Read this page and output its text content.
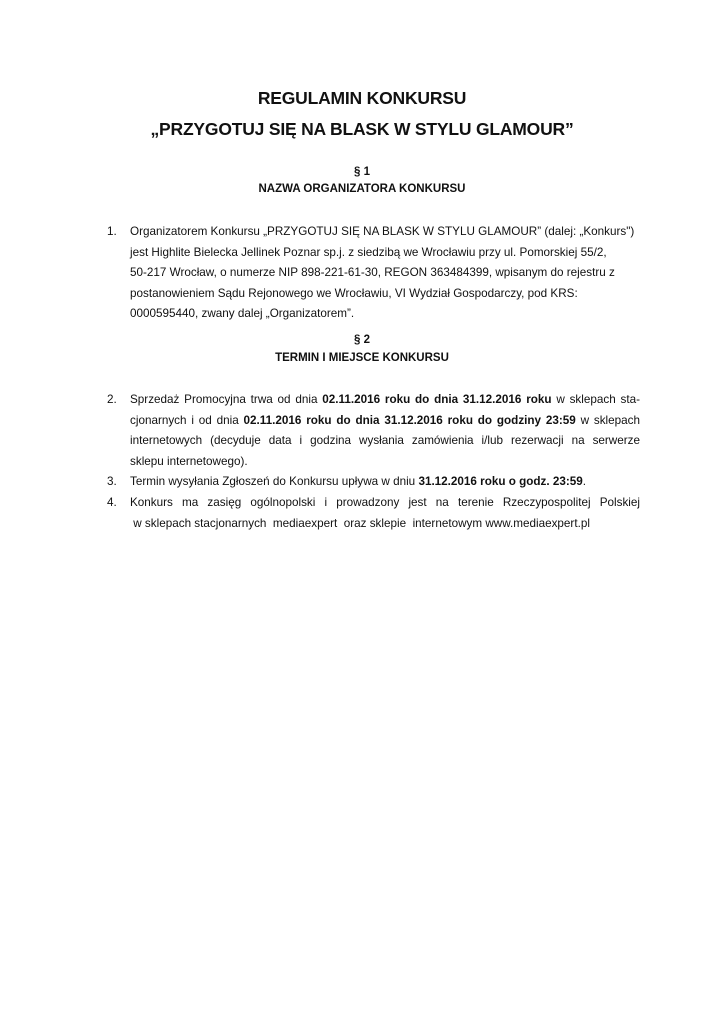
REGULAMIN KONKURSU
„PRZYGOTUJ SIĘ NA BLASK W STYLU GLAMOUR”
§ 1
NAZWA ORGANIZATORA KONKURSU
1. Organizatorem Konkursu „PRZYGOTUJ SIĘ NA BLASK W STYLU GLAMOUR” (dalej: „Konkurs")
jest Highlite Bielecka Jellinek Poznar sp.j. z siedzibą we Wrocławiu przy ul. Pomorskiej 55/2,
50-217 Wrocław, o numerze NIP 898-221-61-30, REGON 363484399, wpisanym do rejestru z
postanowieniem Sądu Rejonowego we Wrocławiu, VI Wydział Gospodarczy, pod KRS:
0000595440, zwany dalej „Organizatorem”.
§ 2
TERMIN I MIEJSCE KONKURSU
2. Sprzedaż Promocyjna trwa od dnia 02.11.2016 roku do dnia 31.12.2016 roku w sklepach sta-
cjonarnych i od dnia 02.11.2016 roku do dnia 31.12.2016 roku do godziny 23:59 w sklepach
internetowych (decyduje data i godzina wysłania zamówienia i/lub rezerwacji na serwerze
sklepu internetowego).
3. Termin wysyłania Zgłoszeń do Konkursu upływa w dniu 31.12.2016 roku o godz. 23:59.
4. Konkurs ma zasięg ogólnopolski i prowadzony jest na terenie Rzeczypospolitej Polskiej
w sklepach stacjonarnych  mediaexpert  oraz sklepie  internetowym www.mediaexpert.pl
